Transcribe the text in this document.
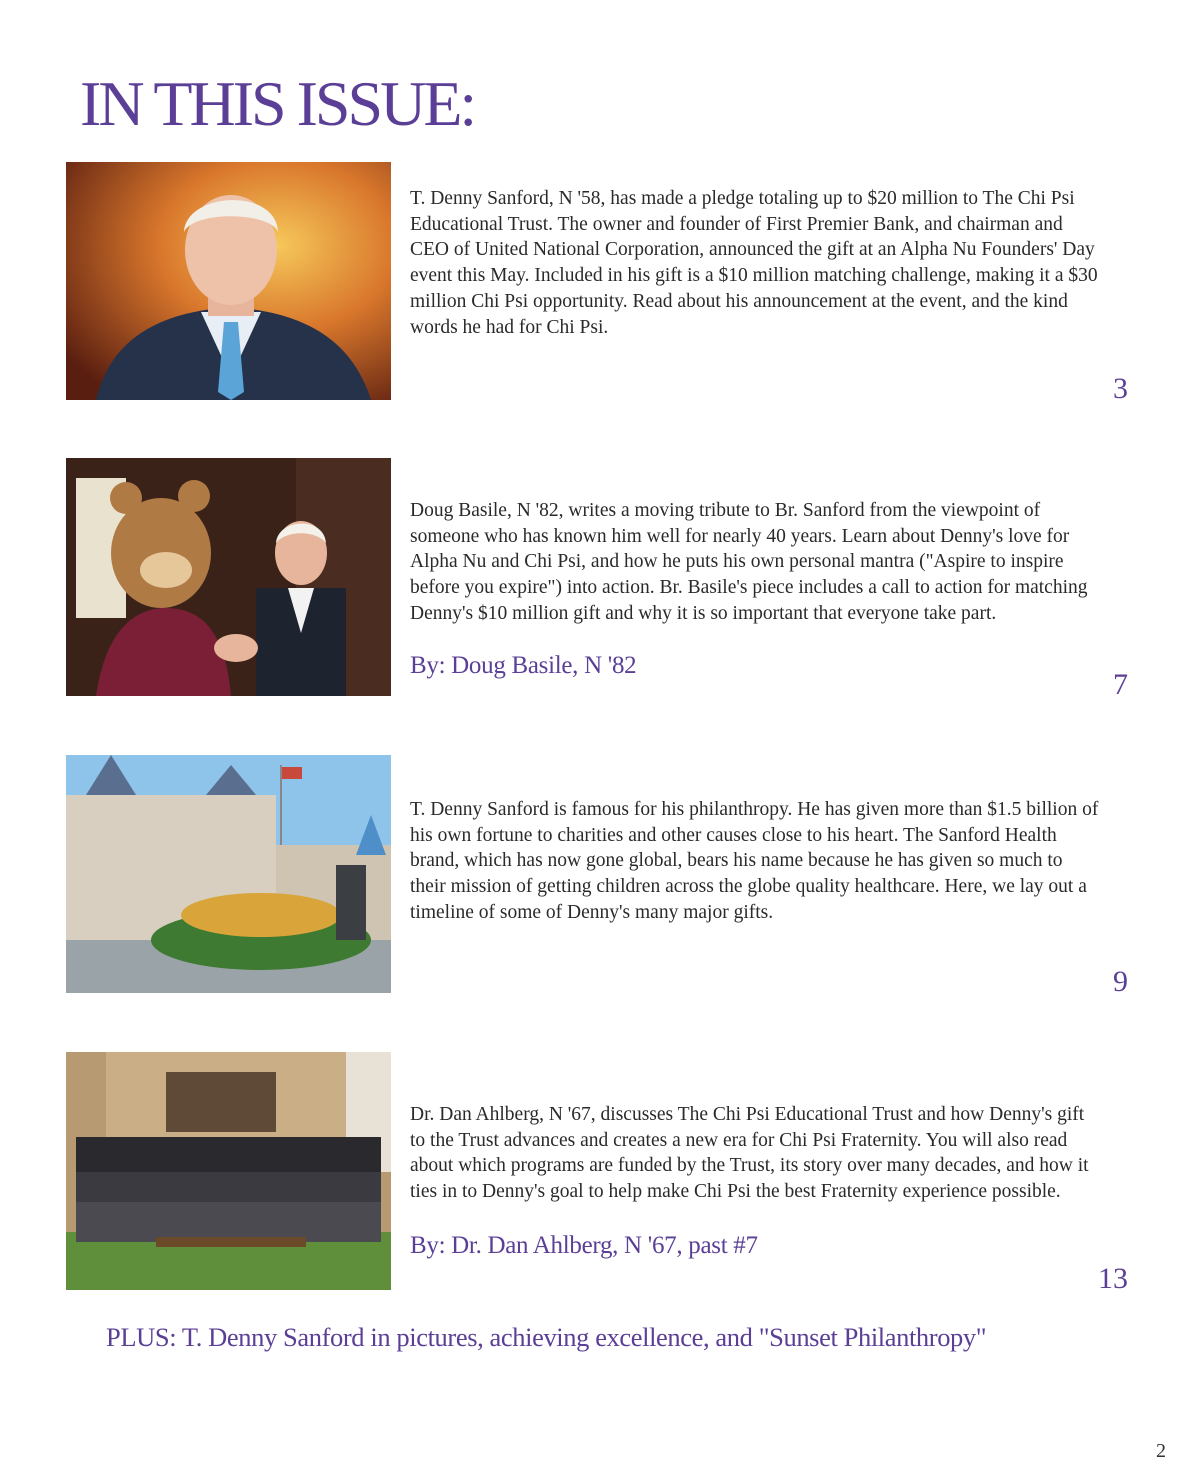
IN THIS ISSUE:

T. Denny Sanford, N '58, has made a pledge totaling up to $20 million to The Chi Psi Educational Trust. The owner and founder of First Premier Bank, and chairman and CEO of United National Corporation, announced the gift at an Alpha Nu Founders' Day event this May. Included in his gift is a $10 million matching challenge, making it a $30 million Chi Psi opportunity. Read about his announcement at the event, and the kind words he had for Chi Psi.

3

Doug Basile, N '82, writes a moving tribute to Br. Sanford from the viewpoint of someone who has known him well for nearly 40 years. Learn about Denny's love for Alpha Nu and Chi Psi, and how he puts his own personal mantra ("Aspire to inspire before you expire") into action. Br. Basile's piece includes a call to action for matching Denny's $10 million gift and why it is so important that everyone take part.

By: Doug Basile, N '82

7

T. Denny Sanford is famous for his philanthropy. He has given more than $1.5 billion of his own fortune to charities and other causes close to his heart. The Sanford Health brand, which has now gone global, bears his name because he has given so much to their mission of getting children across the globe quality healthcare. Here, we lay out a timeline of some of Denny's many major gifts.

9

Dr. Dan Ahlberg, N '67, discusses The Chi Psi Educational Trust and how Denny's gift to the Trust advances and creates a new era for Chi Psi Fraternity. You will also read about which programs are funded by the Trust, its story over many decades, and how it ties in to Denny's goal to help make Chi Psi the best Fraternity experience possible.

By: Dr. Dan Ahlberg, N '67, past #7

13

PLUS: T. Denny Sanford in pictures, achieving excellence, and "Sunset Philanthropy"

2
